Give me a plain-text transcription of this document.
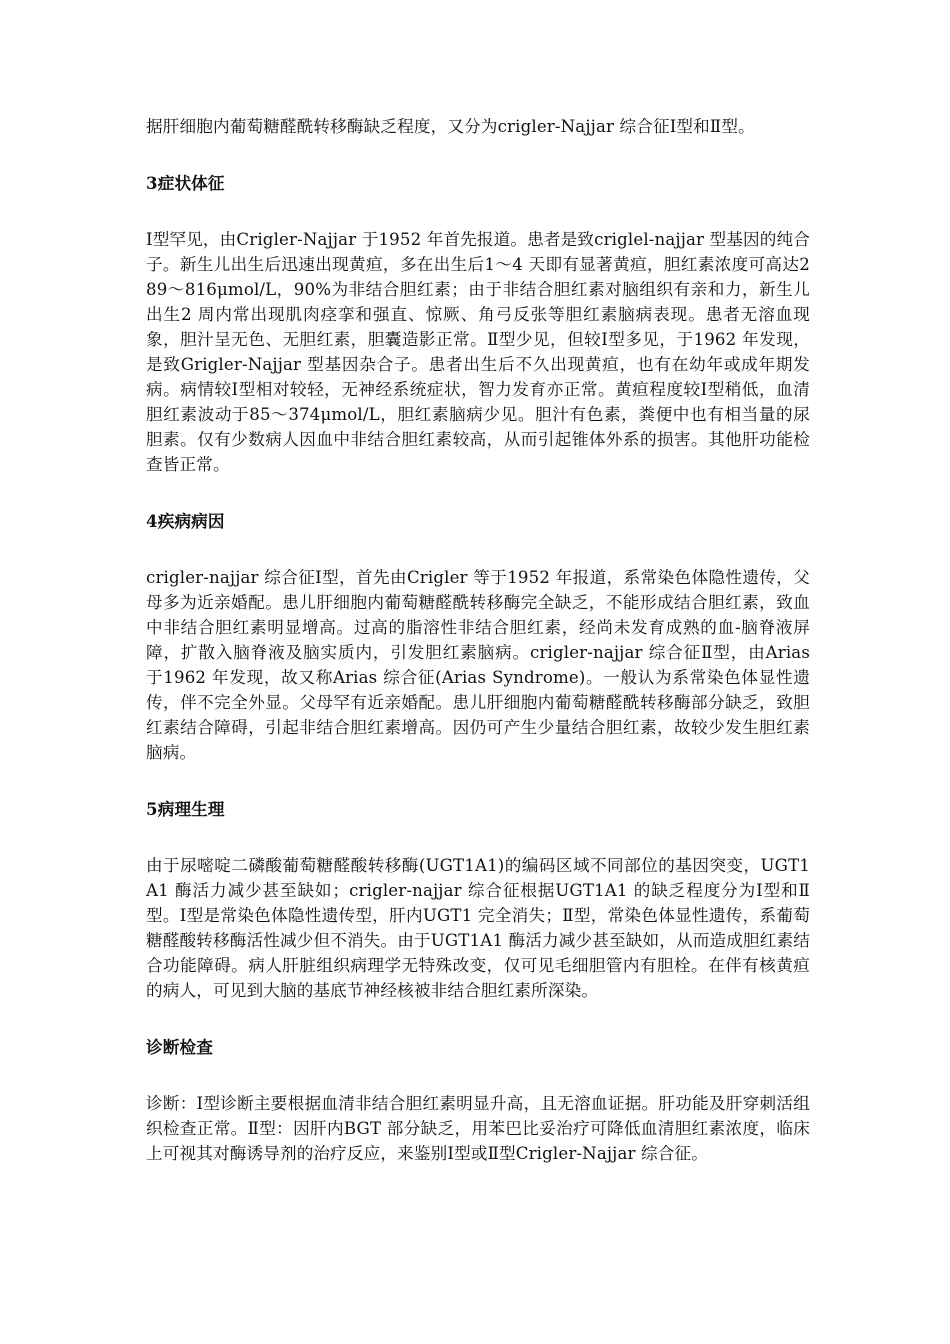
据肝细胞内葡萄糖醛酰转移酶缺乏程度，又分为crigler-Najjar 综合征Ⅰ型和Ⅱ型。

3症状体征

Ⅰ型罕见，由Crigler-Najjar 于1952 年首先报道。患者是致criglel-najjar 型基因的纯合子。新生儿出生后迅速出现黄疸，多在出生后1～4 天即有显著黄疸，胆红素浓度可高达289～816μmol/L，90%为非结合胆红素；由于非结合胆红素对脑组织有亲和力，新生儿出生2 周内常出现肌肉痉挛和强直、惊厥、角弓反张等胆红素脑病表现。患者无溶血现象，胆汁呈无色、无胆红素，胆囊造影正常。Ⅱ型少见，但较Ⅰ型多见，于1962 年发现，是致Grigler-Najjar 型基因杂合子。患者出生后不久出现黄疸，也有在幼年或成年期发病。病情较Ⅰ型相对较轻，无神经系统症状，智力发育亦正常。黄疸程度较Ⅰ型稍低，血清胆红素波动于85～374μmol/L，胆红素脑病少见。胆汁有色素，粪便中也有相当量的尿胆素。仅有少数病人因血中非结合胆红素较高，从而引起锥体外系的损害。其他肝功能检查皆正常。

4疾病病因

crigler-najjar 综合征Ⅰ型，首先由Crigler 等于1952 年报道，系常染色体隐性遗传，父母多为近亲婚配。患儿肝细胞内葡萄糖醛酰转移酶完全缺乏，不能形成结合胆红素，致血中非结合胆红素明显增高。过高的脂溶性非结合胆红素，经尚未发育成熟的血-脑脊液屏障，扩散入脑脊液及脑实质内，引发胆红素脑病。crigler-najjar 综合征Ⅱ型，由Arias 于1962 年发现，故又称Arias 综合征(Arias Syndrome)。一般认为系常染色体显性遗传，伴不完全外显。父母罕有近亲婚配。患儿肝细胞内葡萄糖醛酰转移酶部分缺乏，致胆红素结合障碍，引起非结合胆红素增高。因仍可产生少量结合胆红素，故较少发生胆红素脑病。

5病理生理

由于尿嘧啶二磷酸葡萄糖醛酸转移酶(UGT1A1)的编码区域不同部位的基因突变，UGT1A1 酶活力减少甚至缺如；crigler-najjar 综合征根据UGT1A1 的缺乏程度分为Ⅰ型和Ⅱ型。Ⅰ型是常染色体隐性遗传型，肝内UGT1 完全消失；Ⅱ型，常染色体显性遗传，系葡萄糖醛酸转移酶活性减少但不消失。由于UGT1A1 酶活力减少甚至缺如，从而造成胆红素结合功能障碍。病人肝脏组织病理学无特殊改变，仅可见毛细胆管内有胆栓。在伴有核黄疸的病人，可见到大脑的基底节神经核被非结合胆红素所深染。

诊断检查

诊断：Ⅰ型诊断主要根据血清非结合胆红素明显升高，且无溶血证据。肝功能及肝穿刺活组织检查正常。Ⅱ型：因肝内BGT 部分缺乏，用苯巴比妥治疗可降低血清胆红素浓度，临床上可视其对酶诱导剂的治疗反应，来鉴别Ⅰ型或Ⅱ型Crigler-Najjar 综合征。
